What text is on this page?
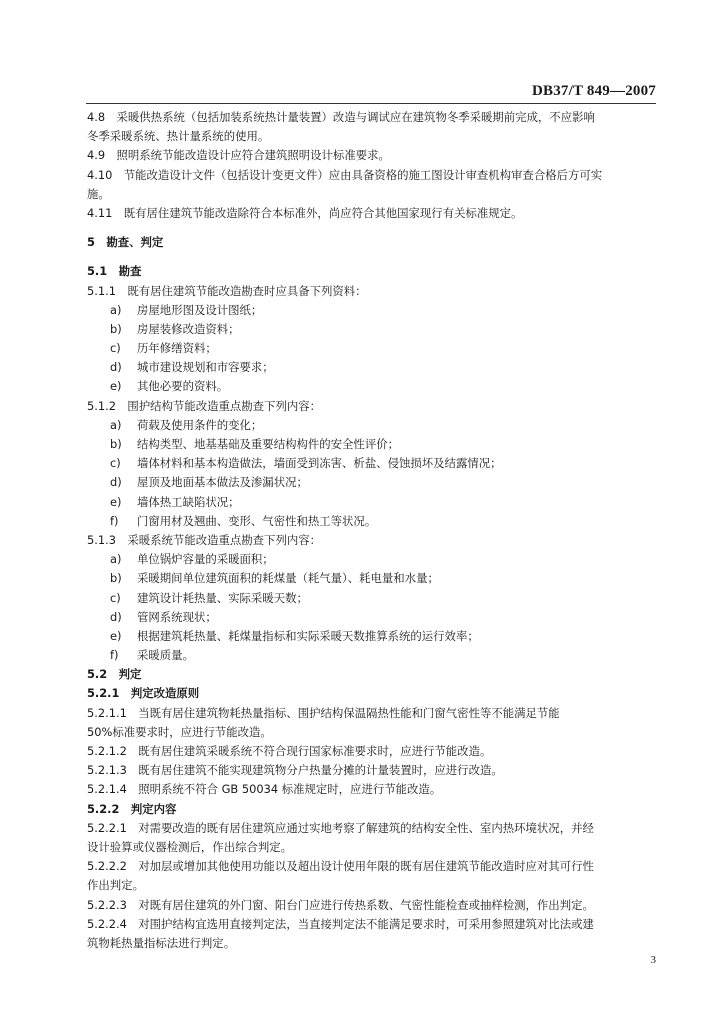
DB37/T 849—2007
4.8　采暖供热系统（包括加装系统热计量装置）改造与调试应在建筑物冬季采暖期前完成，不应影响
冬季采暖系统、热计量系统的使用。
4.9　照明系统节能改造设计应符合建筑照明设计标准要求。
4.10　节能改造设计文件（包括设计变更文件）应由具备资格的施工图设计审查机构审查合格后方可实
施。
4.11　既有居住建筑节能改造除符合本标准外，尚应符合其他国家现行有关标准规定。
5　勘查、判定
5.1　勘查
5.1.1　既有居住建筑节能改造勘查时应具备下列资料：
a) 房屋地形图及设计图纸；
b) 房屋装修改造资料；
c) 历年修缮资料；
d) 城市建设规划和市容要求；
e) 其他必要的资料。
5.1.2　围护结构节能改造重点勘查下列内容：
a) 荷载及使用条件的变化；
b) 结构类型、地基基础及重要结构构件的安全性评价；
c) 墙体材料和基本构造做法，墙面受到冻害、析盐、侵蚀损坏及结露情况；
d) 屋顶及地面基本做法及渗漏状况；
e) 墙体热工缺陷状况；
f) 门窗用材及翘曲、变形、气密性和热工等状况。
5.1.3　采暖系统节能改造重点勘查下列内容：
a) 单位锅炉容量的采暖面积；
b) 采暖期间单位建筑面积的耗煤量（耗气量）、耗电量和水量；
c) 建筑设计耗热量、实际采暖天数；
d) 管网系统现状；
e) 根据建筑耗热量、耗煤量指标和实际采暖天数推算系统的运行效率；
f) 采暖质量。
5.2　判定
5.2.1　判定改造原则
5.2.1.1　当既有居住建筑物耗热量指标、围护结构保温隔热性能和门窗气密性等不能满足节能
50%标准要求时，应进行节能改造。
5.2.1.2　既有居住建筑采暖系统不符合现行国家标准要求时，应进行节能改造。
5.2.1.3　既有居住建筑不能实现建筑物分户热量分摊的计量装置时，应进行改造。
5.2.1.4　照明系统不符合 GB 50034 标准规定时，应进行节能改造。
5.2.2　判定内容
5.2.2.1　对需要改造的既有居住建筑应通过实地考察了解建筑的结构安全性、室内热环境状况，并经
设计验算或仪器检测后，作出综合判定。
5.2.2.2　对加层或增加其他使用功能以及超出设计使用年限的既有居住建筑节能改造时应对其可行性
作出判定。
5.2.2.3　对既有居住建筑的外门窗、阳台门应进行传热系数、气密性能检查或抽样检测，作出判定。
5.2.2.4　对围护结构宜选用直接判定法，当直接判定法不能满足要求时，可采用参照建筑对比法或建
筑物耗热量指标法进行判定。
3
